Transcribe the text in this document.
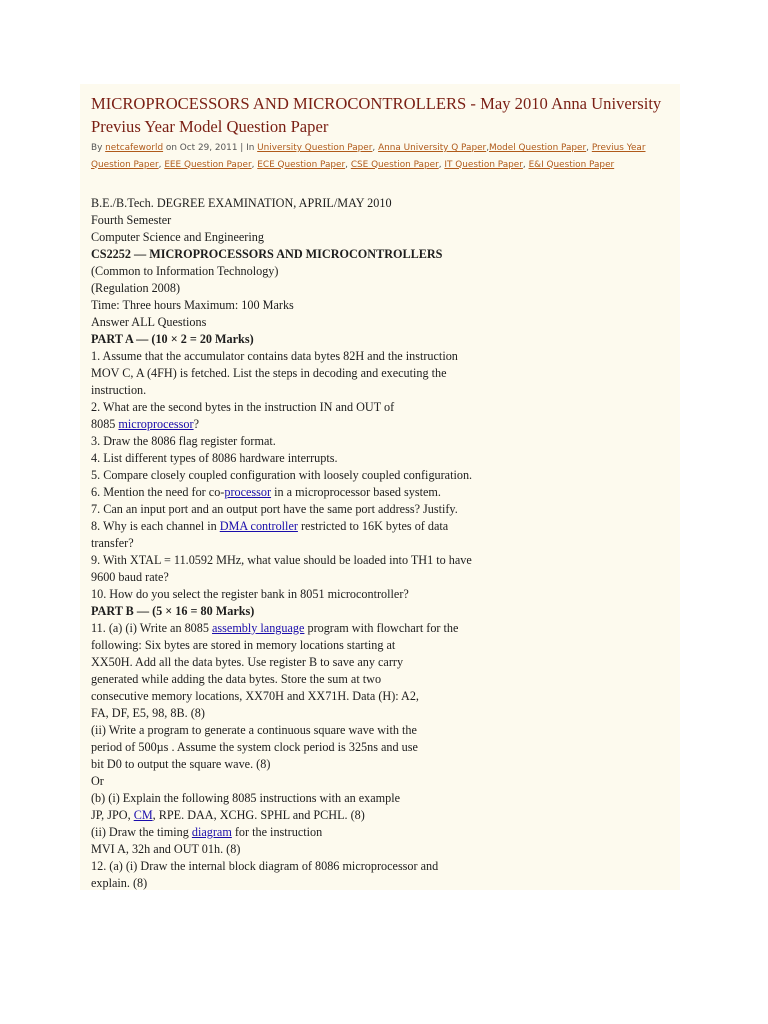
MICROPROCESSORS AND MICROCONTROLLERS - May 2010 Anna University
Previus Year Model Question Paper
By netcafeworld on Oct 29, 2011 | In University Question Paper, Anna University Q Paper,Model Question Paper, Previus Year
Question Paper, EEE Question Paper, ECE Question Paper, CSE Question Paper, IT Question Paper, E&I Question Paper
B.E./B.Tech. DEGREE EXAMINATION, APRIL/MAY 2010
Fourth Semester
Computer Science and Engineering
CS2252 — MICROPROCESSORS AND MICROCONTROLLERS
(Common to Information Technology)
(Regulation 2008)
Time: Three hours Maximum: 100 Marks
Answer ALL Questions
PART A — (10 × 2 = 20 Marks)
1. Assume that the accumulator contains data bytes 82H and the instruction
MOV C, A (4FH) is fetched. List the steps in decoding and executing the
instruction.
2. What are the second bytes in the instruction IN and OUT of
8085 microprocessor?
3. Draw the 8086 flag register format.
4. List different types of 8086 hardware interrupts.
5. Compare closely coupled configuration with loosely coupled configuration.
6. Mention the need for co-processor in a microprocessor based system.
7. Can an input port and an output port have the same port address? Justify.
8. Why is each channel in DMA controller restricted to 16K bytes of data
transfer?
9. With XTAL = 11.0592 MHz, what value should be loaded into TH1 to have
9600 baud rate?
10. How do you select the register bank in 8051 microcontroller?
PART B — (5 × 16 = 80 Marks)
11. (a) (i) Write an 8085 assembly language program with flowchart for the
following: Six bytes are stored in memory locations starting at
XX50H. Add all the data bytes. Use register B to save any carry
generated while adding the data bytes. Store the sum at two
consecutive memory locations, XX70H and XX71H. Data (H): A2,
FA, DF, E5, 98, 8B. (8)
(ii) Write a program to generate a continuous square wave with the
period of 500µs . Assume the system clock period is 325ns and use
bit D0 to output the square wave. (8)
Or
(b) (i) Explain the following 8085 instructions with an example
JP, JPO, CM, RPE. DAA, XCHG. SPHL and PCHL. (8)
(ii) Draw the timing diagram for the instruction
MVI A, 32h and OUT 01h. (8)
12. (a) (i) Draw the internal block diagram of 8086 microprocessor and
explain. (8)
